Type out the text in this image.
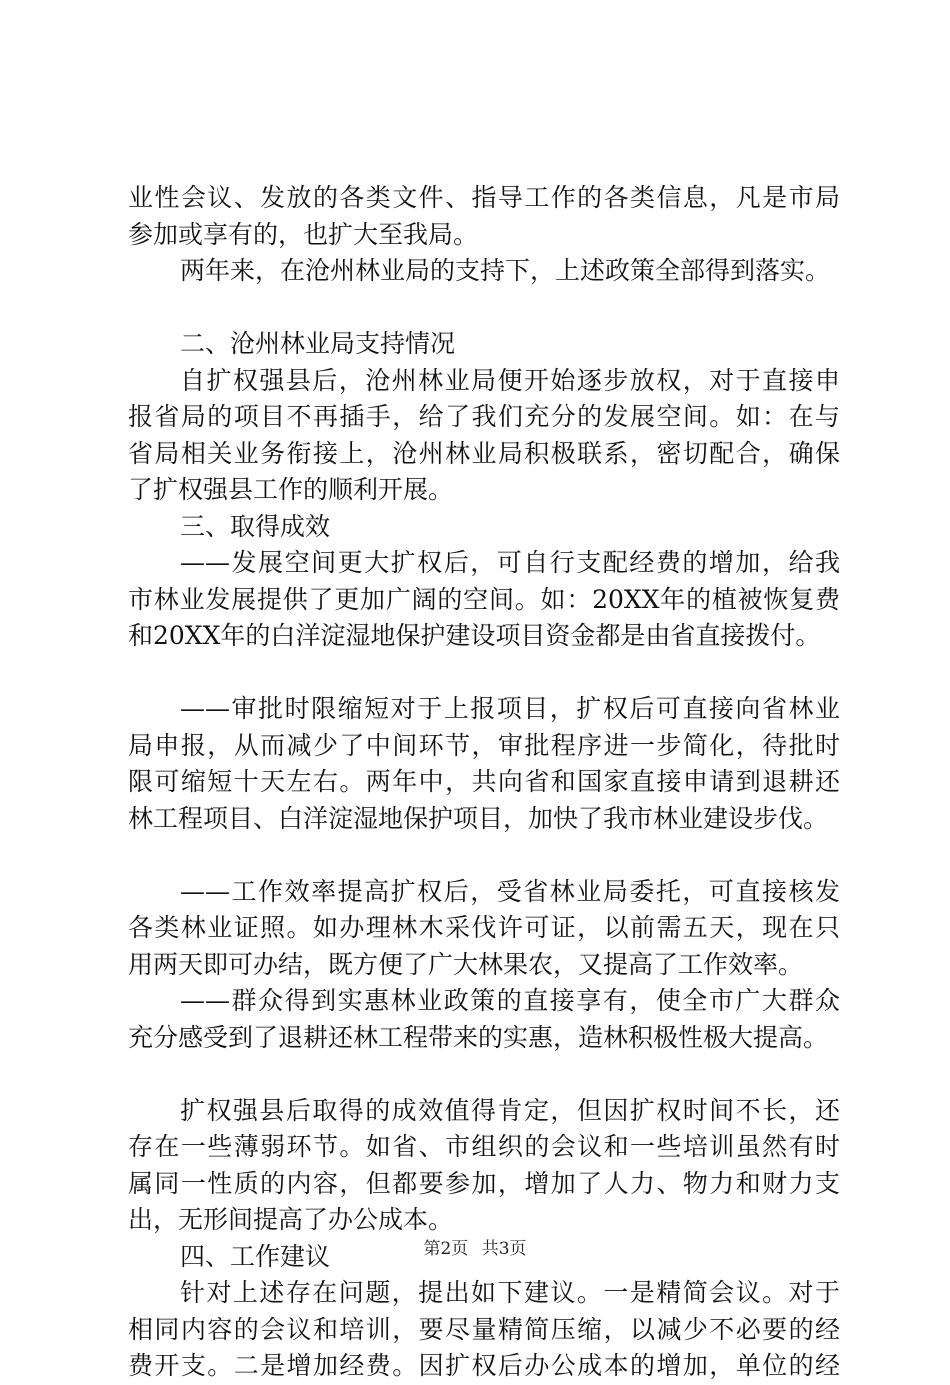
业性会议、发放的各类文件、指导工作的各类信息，凡是市局
参加或享有的，也扩大至我局。
两年来，在沧州林业局的支持下，上述政策全部得到落实。
二、沧州林业局支持情况
自扩权强县后，沧州林业局便开始逐步放权，对于直接申
报省局的项目不再插手，给了我们充分的发展空间。如：在与
省局相关业务衔接上，沧州林业局积极联系，密切配合，确保
了扩权强县工作的顺利开展。
三、取得成效
——发展空间更大扩权后，可自行支配经费的增加，给我
市林业发展提供了更加广阔的空间。如：20XX年的植被恢复费
和20XX年的白洋淀湿地保护建设项目资金都是由省直接拨付。
——审批时限缩短对于上报项目，扩权后可直接向省林业
局申报，从而减少了中间环节，审批程序进一步简化，待批时
限可缩短十天左右。两年中，共向省和国家直接申请到退耕还
林工程项目、白洋淀湿地保护项目，加快了我市林业建设步伐。
——工作效率提高扩权后，受省林业局委托，可直接核发
各类林业证照。如办理林木采伐许可证，以前需五天，现在只
用两天即可办结，既方便了广大林果农，又提高了工作效率。
——群众得到实惠林业政策的直接享有，使全市广大群众
充分感受到了退耕还林工程带来的实惠，造林积极性极大提高。
扩权强县后取得的成效值得肯定，但因扩权时间不长，还
存在一些薄弱环节。如省、市组织的会议和一些培训虽然有时
属同一性质的内容，但都要参加，增加了人力、物力和财力支
出，无形间提高了办公成本。
四、工作建议
针对上述存在问题，提出如下建议。一是精简会议。对于
相同内容的会议和培训，要尽量精简压缩，以减少不必要的经
费开支。二是增加经费。因扩权后办公成本的增加，单位的经
第2页 共3页
